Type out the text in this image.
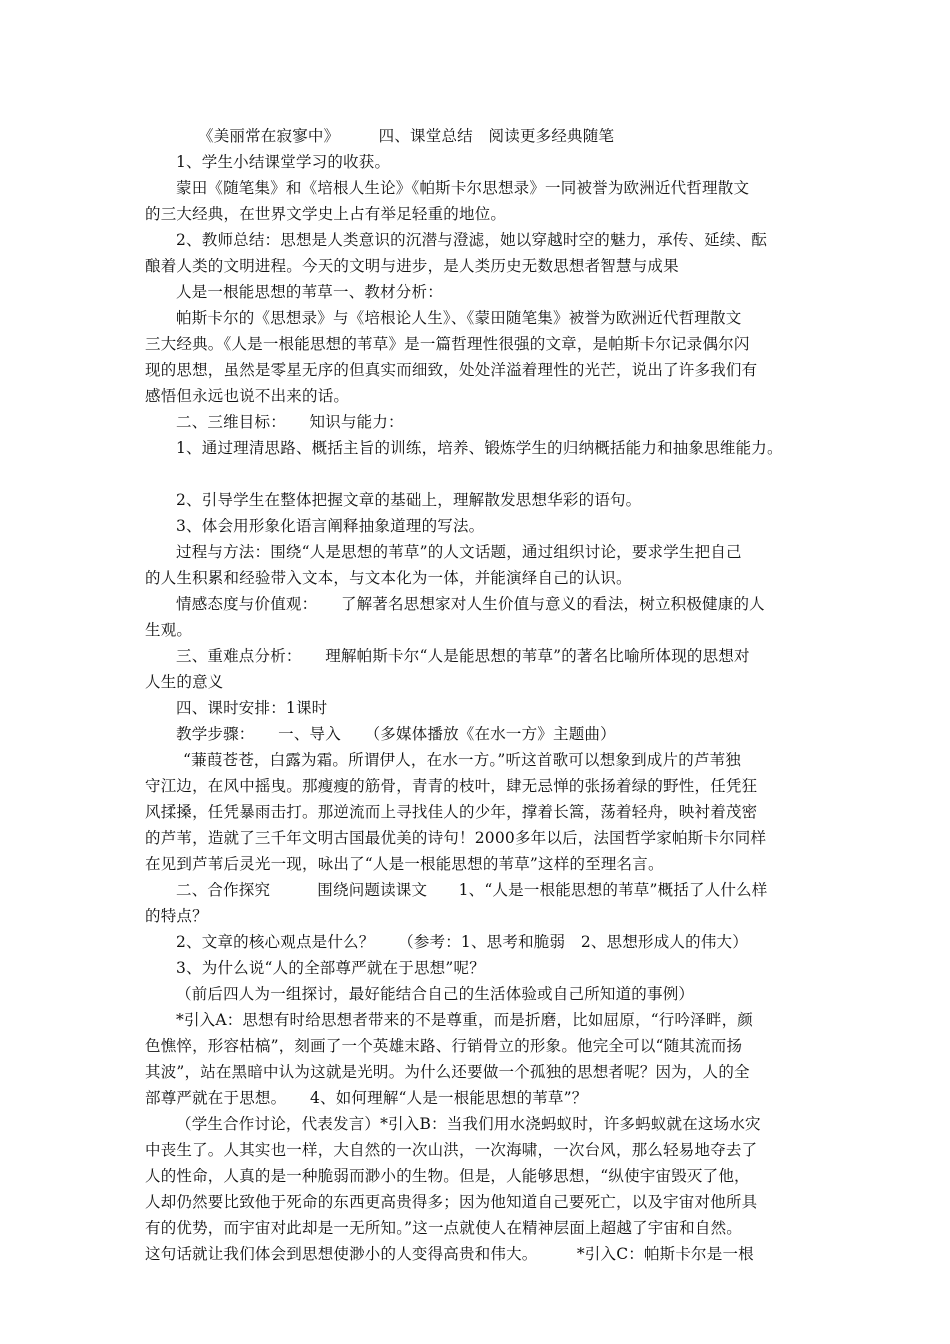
《美丽常在寂寥中》　　　四、课堂总结　阅读更多经典随笔
1、学生小结课堂学习的收获。
蒙田《随笔集》和《培根人生论》《帕斯卡尔思想录》一同被誉为欧洲近代哲理散文
的三大经典，在世界文学史上占有举足轻重的地位。
2、教师总结：思想是人类意识的沉潜与澄滤，她以穿越时空的魅力，承传、延续、酝
酿着人类的文明进程。今天的文明与进步，是人类历史无数思想者智慧与成果
人是一根能思想的苇草一、教材分析：
帕斯卡尔的《思想录》与《培根论人生》、《蒙田随笔集》被誉为欧洲近代哲理散文
三大经典。《人是一根能思想的苇草》是一篇哲理性很强的文章，是帕斯卡尔记录偶尔闪
现的思想，虽然是零星无序的但真实而细致，处处洋溢着理性的光芒，说出了许多我们有
感悟但永远也说不出来的话。
二、三维目标：　　知识与能力：
1、通过理清思路、概括主旨的训练，培养、锻炼学生的归纳概括能力和抽象思维能力。
2、引导学生在整体把握文章的基础上，理解散发思想华彩的语句。
3、体会用形象化语言阐释抽象道理的写法。
过程与方法：围绕“人是思想的苇草”的人文话题，通过组织讨论，要求学生把自己
的人生积累和经验带入文本，与文本化为一体，并能演绎自己的认识。
情感态度与价值观：　　了解著名思想家对人生价值与意义的看法，树立积极健康的人
生观。
三、重难点分析：　　理解帕斯卡尔“人是能思想的苇草”的著名比喻所体现的思想对
人生的意义
四、课时安排：1课时
教学步骤：　　一、导入　　（多媒体播放《在水一方》主题曲）
“蒹葭苍苍，白露为霜。所谓伊人，在水一方。”听这首歌可以想象到成片的芦苇独
守江边，在风中摇曳。那瘦瘦的筋骨，青青的枝叶，肆无忌惮的张扬着绿的野性，任凭狂
风揉搡，任凭暴雨击打。那逆流而上寻找佳人的少年，撑着长篙，荡着轻舟，映衬着茂密
的芦苇，造就了三千年文明古国最优美的诗句！2000多年以后，法国哲学家帕斯卡尔同样
在见到芦苇后灵光一现，咏出了“人是一根能思想的苇草”这样的至理名言。
二、合作探究　　　围绕问题读课文　　1、“人是一根能思想的苇草”概括了人什么样
的特点？
2、文章的核心观点是什么？　　（参考：1、思考和脆弱　2、思想形成人的伟大）
3、为什么说“人的全部尊严就在于思想”呢？
（前后四人为一组探讨，最好能结合自己的生活体验或自己所知道的事例）
*引入A：思想有时给思想者带来的不是尊重，而是折磨，比如屈原，“行吟泽畔，颜
色憔悴，形容枯槁”，刻画了一个英雄末路、行销骨立的形象。他完全可以“随其流而扬
其波”，站在黑暗中认为这就是光明。为什么还要做一个孤独的思想者呢？因为，人的全
部尊严就在于思想。　　4、如何理解“人是一根能思想的苇草”？
（学生合作讨论，代表发言）*引入B：当我们用水浇蚂蚁时，许多蚂蚁就在这场水灾
中丧生了。人其实也一样，大自然的一次山洪，一次海啸，一次台风，那么轻易地夺去了
人的性命，人真的是一种脆弱而渺小的生物。但是，人能够思想，“纵使宇宙毁灭了他，
人却仍然要比致他于死命的东西更高贵得多；因为他知道自己要死亡，以及宇宙对他所具
有的优势，而宇宙对此却是一无所知。”这一点就使人在精神层面上超越了宇宙和自然。
这句话就让我们体会到思想使渺小的人变得高贵和伟大。　　　*引入C：帕斯卡尔是一根
